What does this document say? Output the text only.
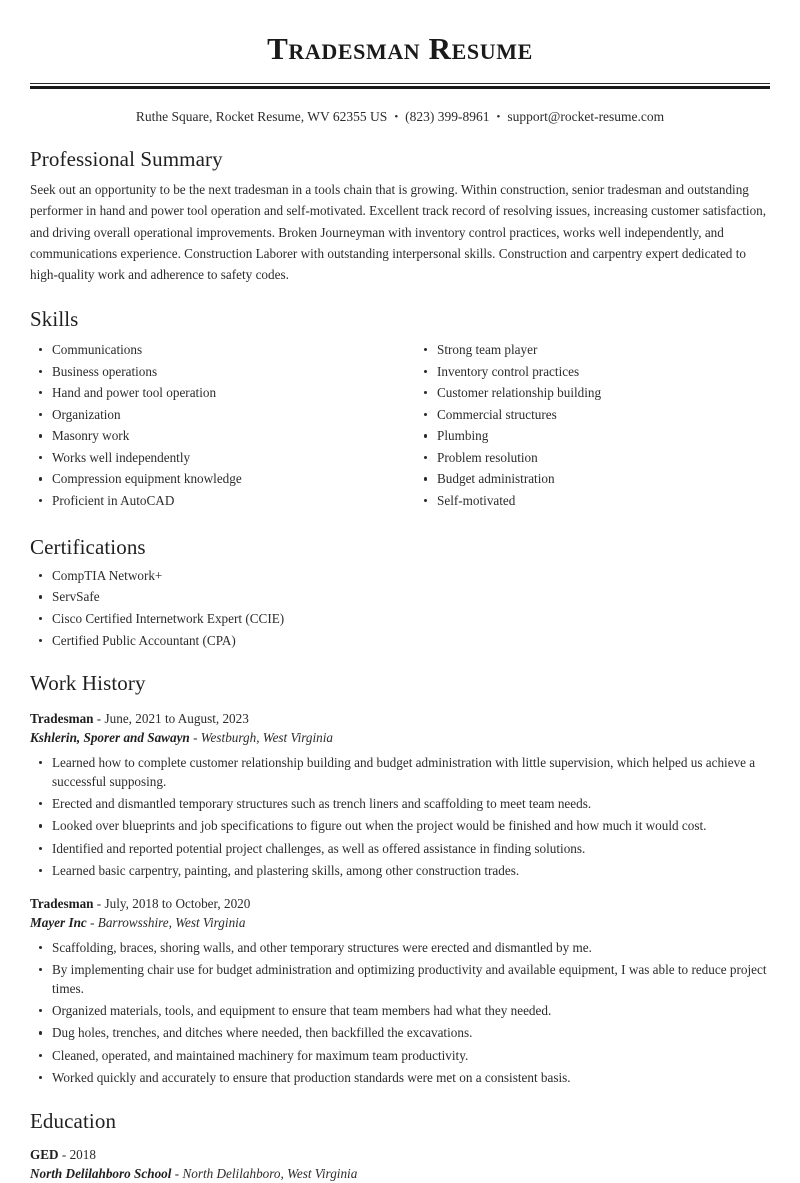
Tradesman Resume
Ruthe Square, Rocket Resume, WV 62355 US • (823) 399-8961 • support@rocket-resume.com
Professional Summary

Seek out an opportunity to be the next tradesman in a tools chain that is growing. Within construction, senior tradesman and outstanding performer in hand and power tool operation and self-motivated. Excellent track record of resolving issues, increasing customer satisfaction, and driving overall operational improvements. Broken Journeyman with inventory control practices, works well independently, and communications experience. Construction Laborer with outstanding interpersonal skills. Construction and carpentry expert dedicated to high-quality work and adherence to safety codes.

Skills
Communications
Business operations
Hand and power tool operation
Organization
Masonry work
Works well independently
Compression equipment knowledge
Proficient in AutoCAD
Strong team player
Inventory control practices
Customer relationship building
Commercial structures
Plumbing
Problem resolution
Budget administration
Self-motivated
Certifications
CompTIA Network+
ServSafe
Cisco Certified Internetwork Expert (CCIE)
Certified Public Accountant (CPA)
Work History
Tradesman - June, 2021 to August, 2023
Kshlerin, Sporer and Sawayn - Westburgh, West Virginia
Learned how to complete customer relationship building and budget administration with little supervision, which helped us achieve a successful supposing.
Erected and dismantled temporary structures such as trench liners and scaffolding to meet team needs.
Looked over blueprints and job specifications to figure out when the project would be finished and how much it would cost.
Identified and reported potential project challenges, as well as offered assistance in finding solutions.
Learned basic carpentry, painting, and plastering skills, among other construction trades.
Tradesman - July, 2018 to October, 2020
Mayer Inc - Barrowsshire, West Virginia
Scaffolding, braces, shoring walls, and other temporary structures were erected and dismantled by me.
By implementing chair use for budget administration and optimizing productivity and available equipment, I was able to reduce project times.
Organized materials, tools, and equipment to ensure that team members had what they needed.
Dug holes, trenches, and ditches where needed, then backfilled the excavations.
Cleaned, operated, and maintained machinery for maximum team productivity.
Worked quickly and accurately to ensure that production standards were met on a consistent basis.
Education
GED - 2018
North Delilahboro School - North Delilahboro, West Virginia
